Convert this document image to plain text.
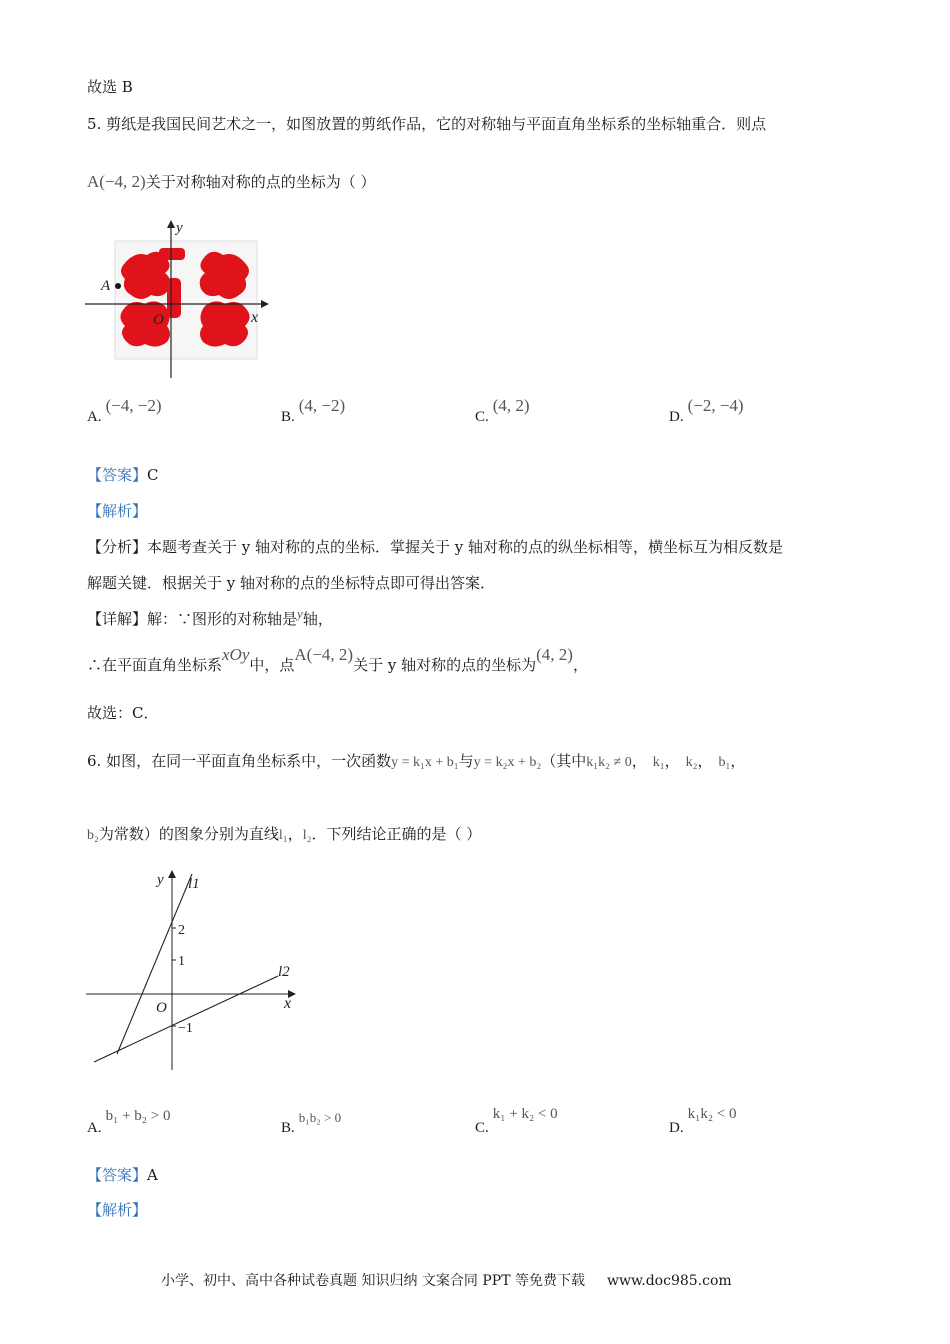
故选 B
5. 剪纸是我国民间艺术之一，如图放置的剪纸作品，它的对称轴与平面直角坐标系的坐标轴重合．则点
A(−4, 2)关于对称轴对称的点的坐标为（ ）
A
y
x
O
A.(−4, −2)
B.(4, −2)
C.(4, 2)
D.(−2, −4)
【答案】C
【解析】
【分析】本题考查关于 y 轴对称的点的坐标．掌握关于 y 轴对称的点的纵坐标相等，横坐标互为相反数是
解题关键．根据关于 y 轴对称的点的坐标特点即可得出答案．
【详解】解：∵图形的对称轴是y轴，
∴在平面直角坐标系xOy中，点A(−4, 2)关于 y 轴对称的点的坐标为(4, 2)，
故选：C．
6. 如图，在同一平面直角坐标系中，一次函数y = k₁x + b₁与y = k₂x + b₂（其中k₁k₂ ≠ 0， k₁， k₂， b₁，
b₂为常数）的图象分别为直线l₁，l₂．下列结论正确的是（ ）
y
x
O
2
1
−1
l1
l2
A.b₁ + b₂ > 0
B.b₁b₂ > 0
C.k₁ + k₂ < 0
D.k₁k₂ < 0
【答案】A
【解析】
小学、初中、高中各种试卷真题 知识归纳 文案合同 PPT 等免费下载 www.doc985.com
